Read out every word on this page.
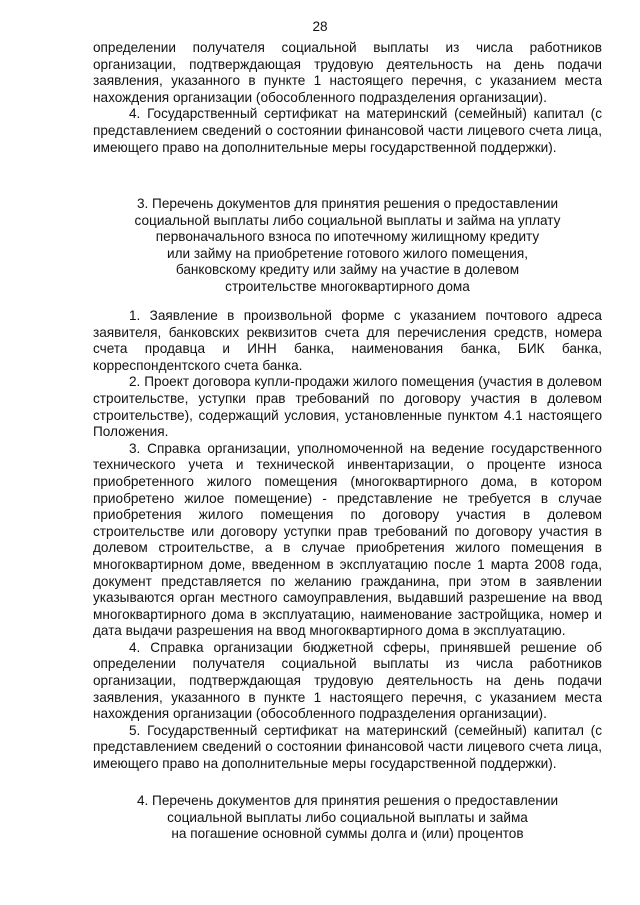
28

определении получателя социальной выплаты из числа работников организации, подтверждающая трудовую деятельность на день подачи заявления, указанного в пункте 1 настоящего перечня, с указанием места нахождения организации (обособленного подразделения организации).

4. Государственный сертификат на материнский (семейный) капитал (с представлением сведений о состоянии финансовой части лицевого счета лица, имеющего право на дополнительные меры государственной поддержки).

3. Перечень документов для принятия решения о предоставлении
социальной выплаты либо социальной выплаты и займа на уплату
первоначального взноса по ипотечному жилищному кредиту
или займу на приобретение готового жилого помещения,
банковскому кредиту или займу на участие в долевом
строительстве многоквартирного дома

1. Заявление в произвольной форме с указанием почтового адреса заявителя, банковских реквизитов счета для перечисления средств, номера счета продавца и ИНН банка, наименования банка, БИК банка, корреспондентского счета банка.

2. Проект договора купли-продажи жилого помещения (участия в долевом строительстве, уступки прав требований по договору участия в долевом строительстве), содержащий условия, установленные пунктом 4.1 настоящего Положения.

3. Справка организации, уполномоченной на ведение государственного технического учета и технической инвентаризации, о проценте износа приобретенного жилого помещения (многоквартирного дома, в котором приобретено жилое помещение) - представление не требуется в случае приобретения жилого помещения по договору участия в долевом строительстве или договору уступки прав требований по договору участия в долевом строительстве, а в случае приобретения жилого помещения в многоквартирном доме, введенном в эксплуатацию после 1 марта 2008 года, документ представляется по желанию гражданина, при этом в заявлении указываются орган местного самоуправления, выдавший разрешение на ввод многоквартирного дома в эксплуатацию, наименование застройщика, номер и дата выдачи разрешения на ввод многоквартирного дома в эксплуатацию.

4. Справка организации бюджетной сферы, принявшей решение об определении получателя социальной выплаты из числа работников организации, подтверждающая трудовую деятельность на день подачи заявления, указанного в пункте 1 настоящего перечня, с указанием места нахождения организации (обособленного подразделения организации).

5. Государственный сертификат на материнский (семейный) капитал (с представлением сведений о состоянии финансовой части лицевого счета лица, имеющего право на дополнительные меры государственной поддержки).

4. Перечень документов для принятия решения о предоставлении
социальной выплаты либо социальной выплаты и займа
на погашение основной суммы долга и (или) процентов
